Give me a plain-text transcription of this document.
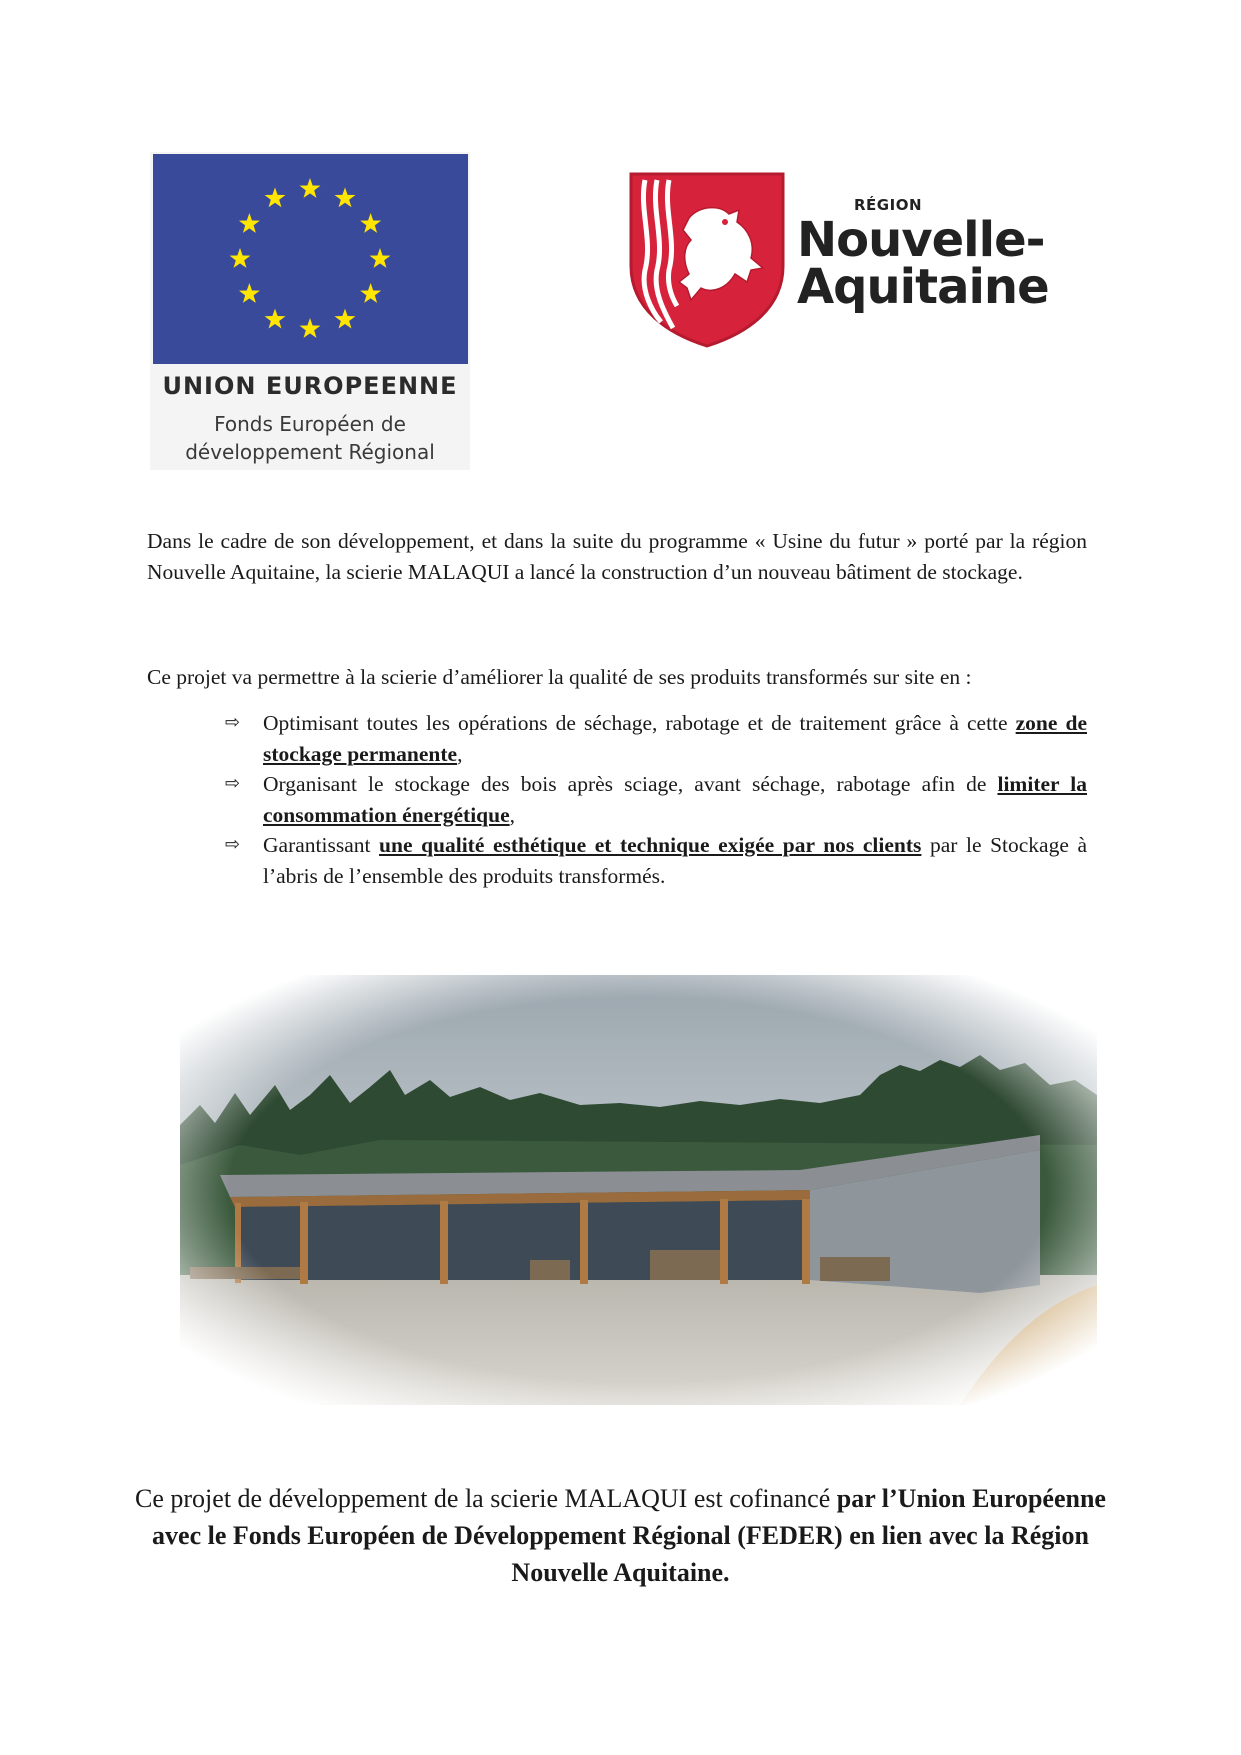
UNION EUROPEENNE
Fonds Européen de
développement Régional
RÉGION
Nouvelle-
Aquitaine

Dans le cadre de son développement, et dans la suite du programme « Usine du futur » porté par la région Nouvelle Aquitaine, la scierie MALAQUI a lancé la construction d’un nouveau bâtiment de stockage.

Ce projet va permettre à la scierie d’améliorer la qualité de ses produits transformés sur site en :

⇨ Optimisant toutes les opérations de séchage, rabotage et de traitement grâce à cette zone de stockage permanente,
⇨ Organisant le stockage des bois après sciage, avant séchage, rabotage afin de limiter la consommation énergétique,
⇨ Garantissant une qualité esthétique et technique exigée par nos clients par le Stockage à l’abris de l’ensemble des produits transformés.

Ce projet de développement de la scierie MALAQUI est cofinancé par l’Union Européenne avec le Fonds Européen de Développement Régional (FEDER) en lien avec la Région Nouvelle Aquitaine.
